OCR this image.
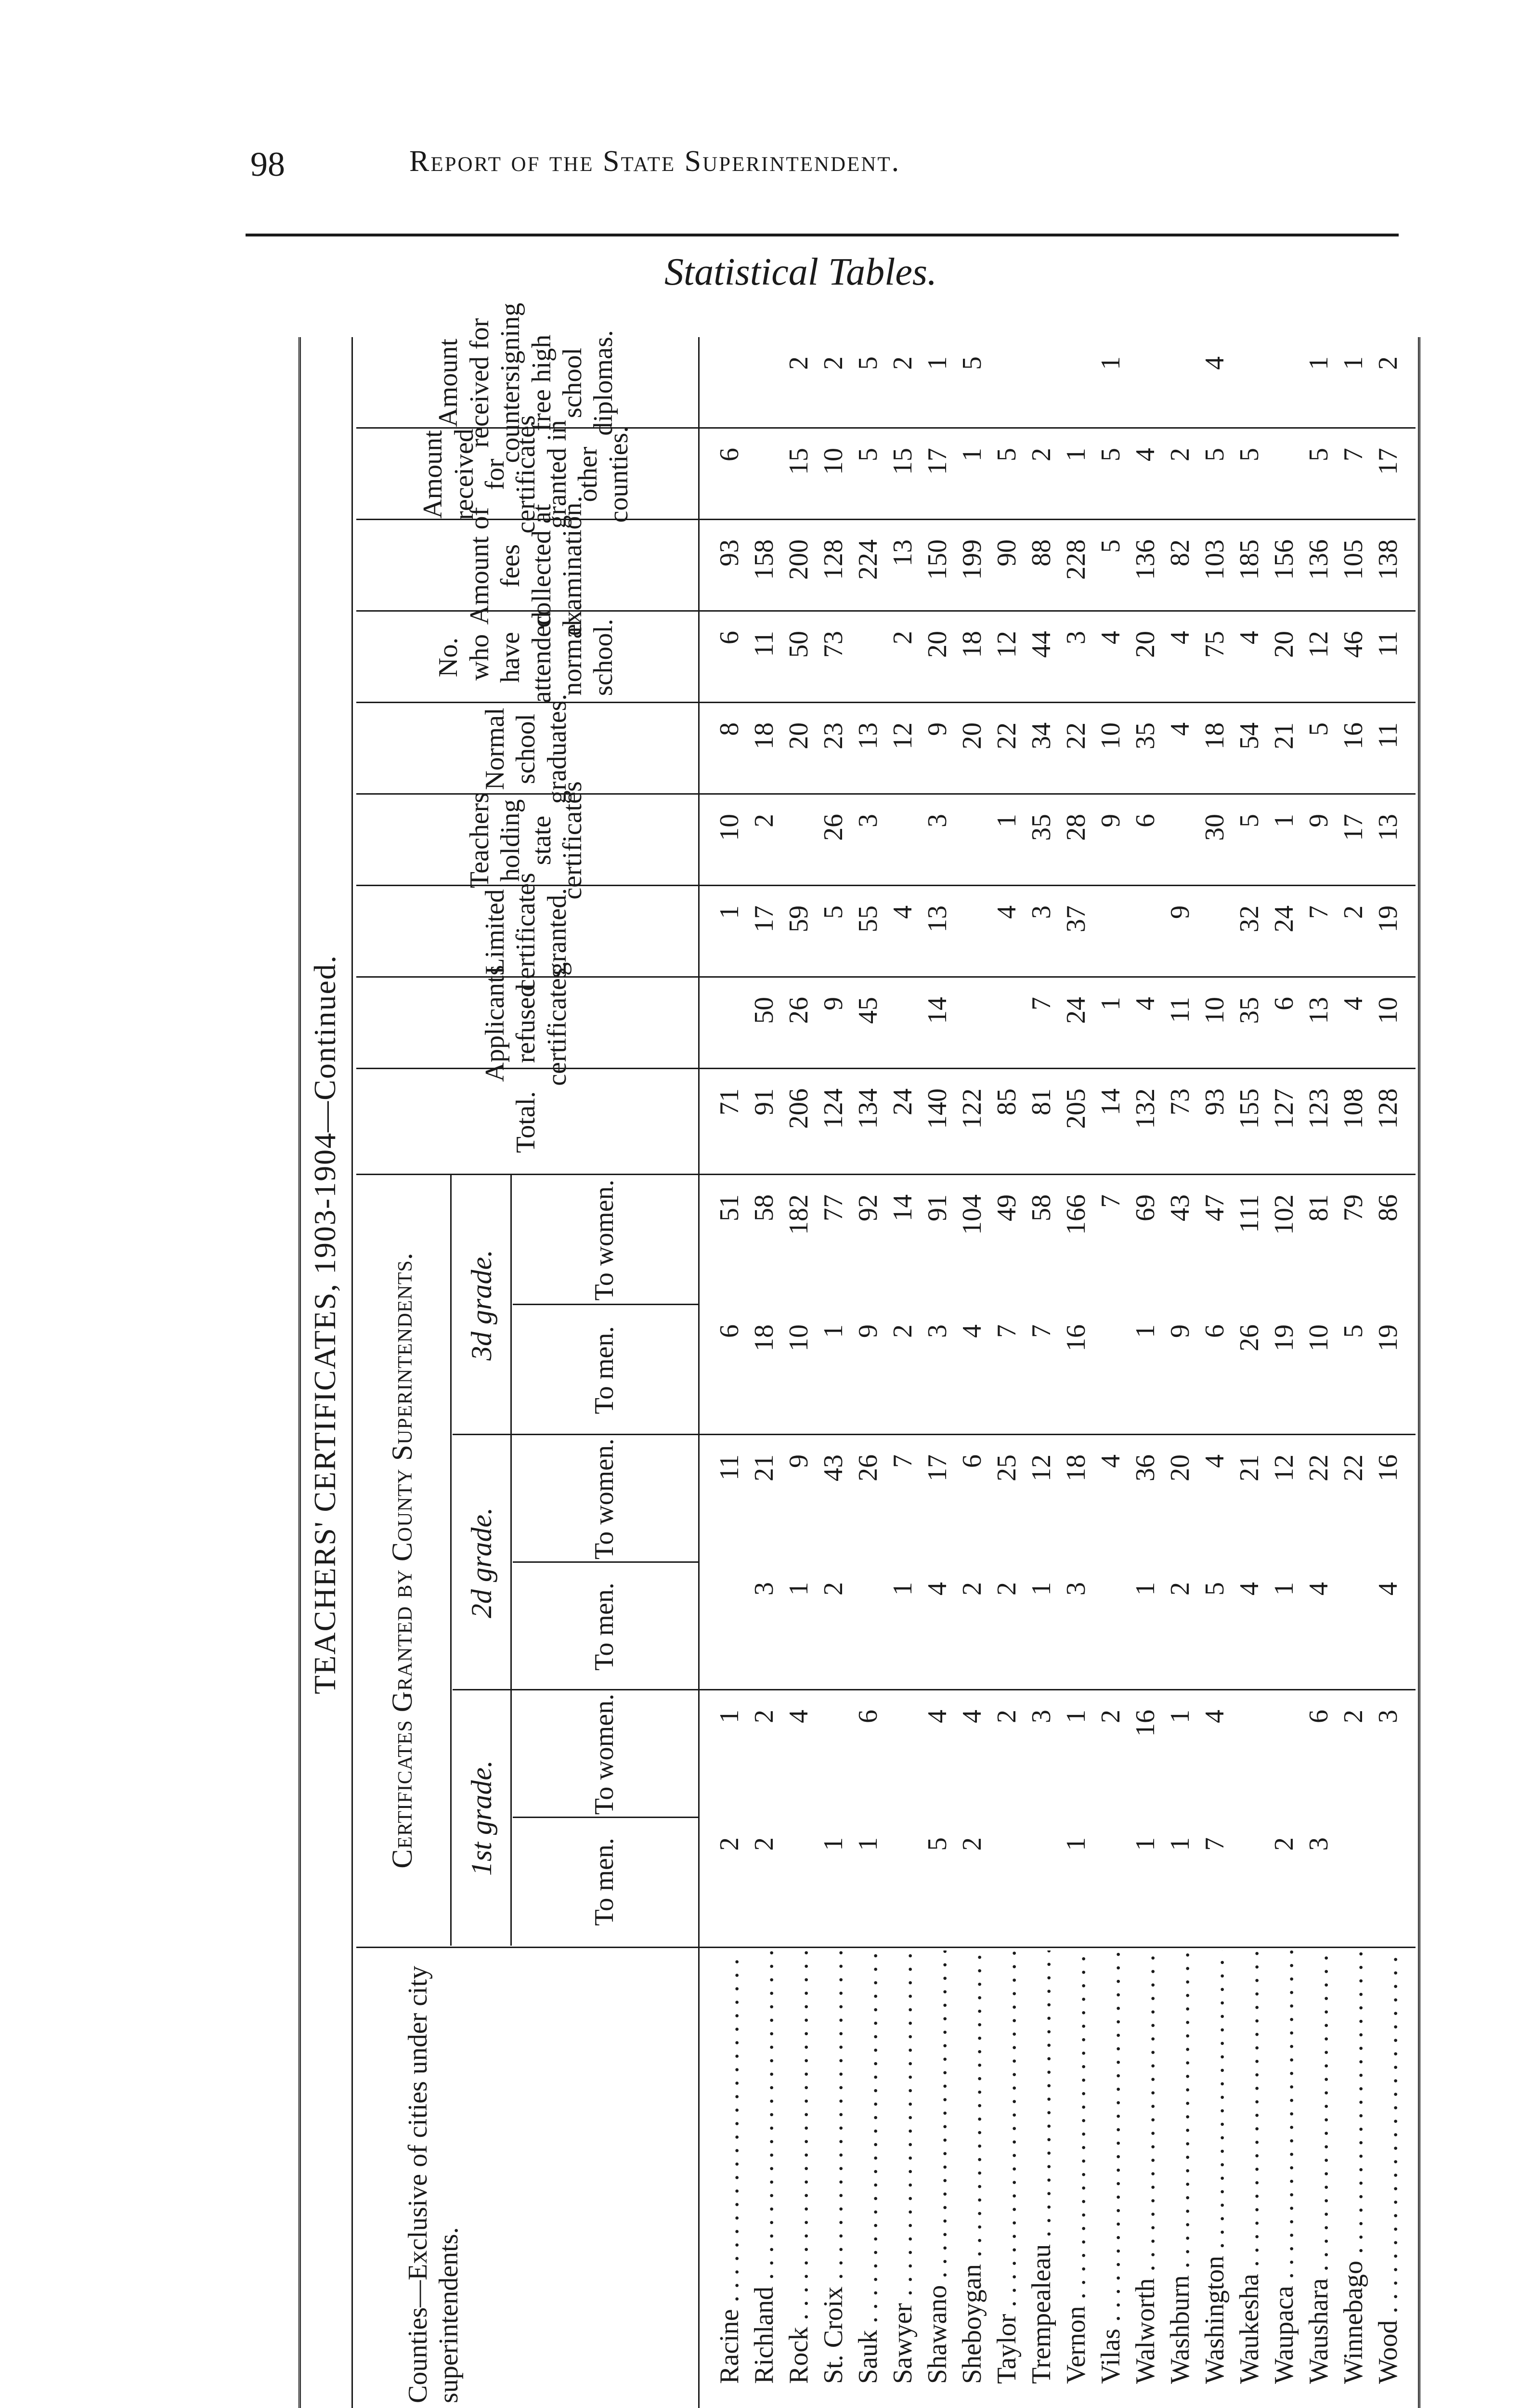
98	Report of the State Superintendent.
Statistical Tables.
TEACHERS' CERTIFICATES, 1903-1904—Continued.
Counties—Exclusive of cities under city superintendents.
Certificates Granted by County Superintendents.	1st grade.
2d grade.
3d grade.
To men.
To women.
To men.
To women.
To men.
To women.
Total.
Applicants refused certificates.
Limited certificates granted.
Teachers holding state certificates
Normal school graduates.
No. who have attended normal school.
Amount of fees collected at examination.
Amount received for certificates granted in other counties.
Amount received for countersigning free high school diplomas.
Racine . . .
2
1
11
6
51
71
1
10
8
6
93
6
Richland . . .
2
2
3
21
18
58
91
50
17
2
18
11
158
Rock . . .
4
1
9
10
182
206
26
59
20
50
200
15
2
St. Croix . . .
1
2
43
1
77
124
9
5
26
23
73
128
10
2
Sauk . . .
1
6
26
9
92
134
45
55
3
13
224
5
5
Sawyer . . .
1
7
2
14
24
4
12
2
13
15
2
Shawano . . .
5
4
4
17
3
91
140
14
13
3
9
20
150
17
1
Sheboygan . . .
2
4
2
6
4
104
122
20
18
199
1
5
Taylor . . .
2
2
25
7
49
85
4
1
22
12
90
5
Trempealeau . . .
3
1
12
7
58
81
7
3
35
34
44
88
2
Vernon . . .
1
1
3
18
16
166
205
24
37
28
22
3
228
1
Vilas . . .
2
4
7
14
1
9
10
4
5
5
1
Walworth . . .
1
16
1
36
1
69
132
4
6
35
20
136
4
Washburn . . .
1
1
2
20
9
43
73
11
9
4
4
82
2
Washington . . .
7
4
5
4
6
47
93
10
30
18
75
103
5
4
Waukesha . . .
4
21
26
111
155
35
32
5
54
4
185
5
Waupaca . . .
2
1
12
19
102
127
6
24
1
21
20
156
Waushara . . .
3
6
4
22
10
81
123
13
7
9
5
12
136
5
1
Winnebago . . .
2
22
5
79
108
4
2
17
16
46
105
7
1
Wood . . .
3
4
16
19
86
128
10
19
13
11
11
138
17
2
